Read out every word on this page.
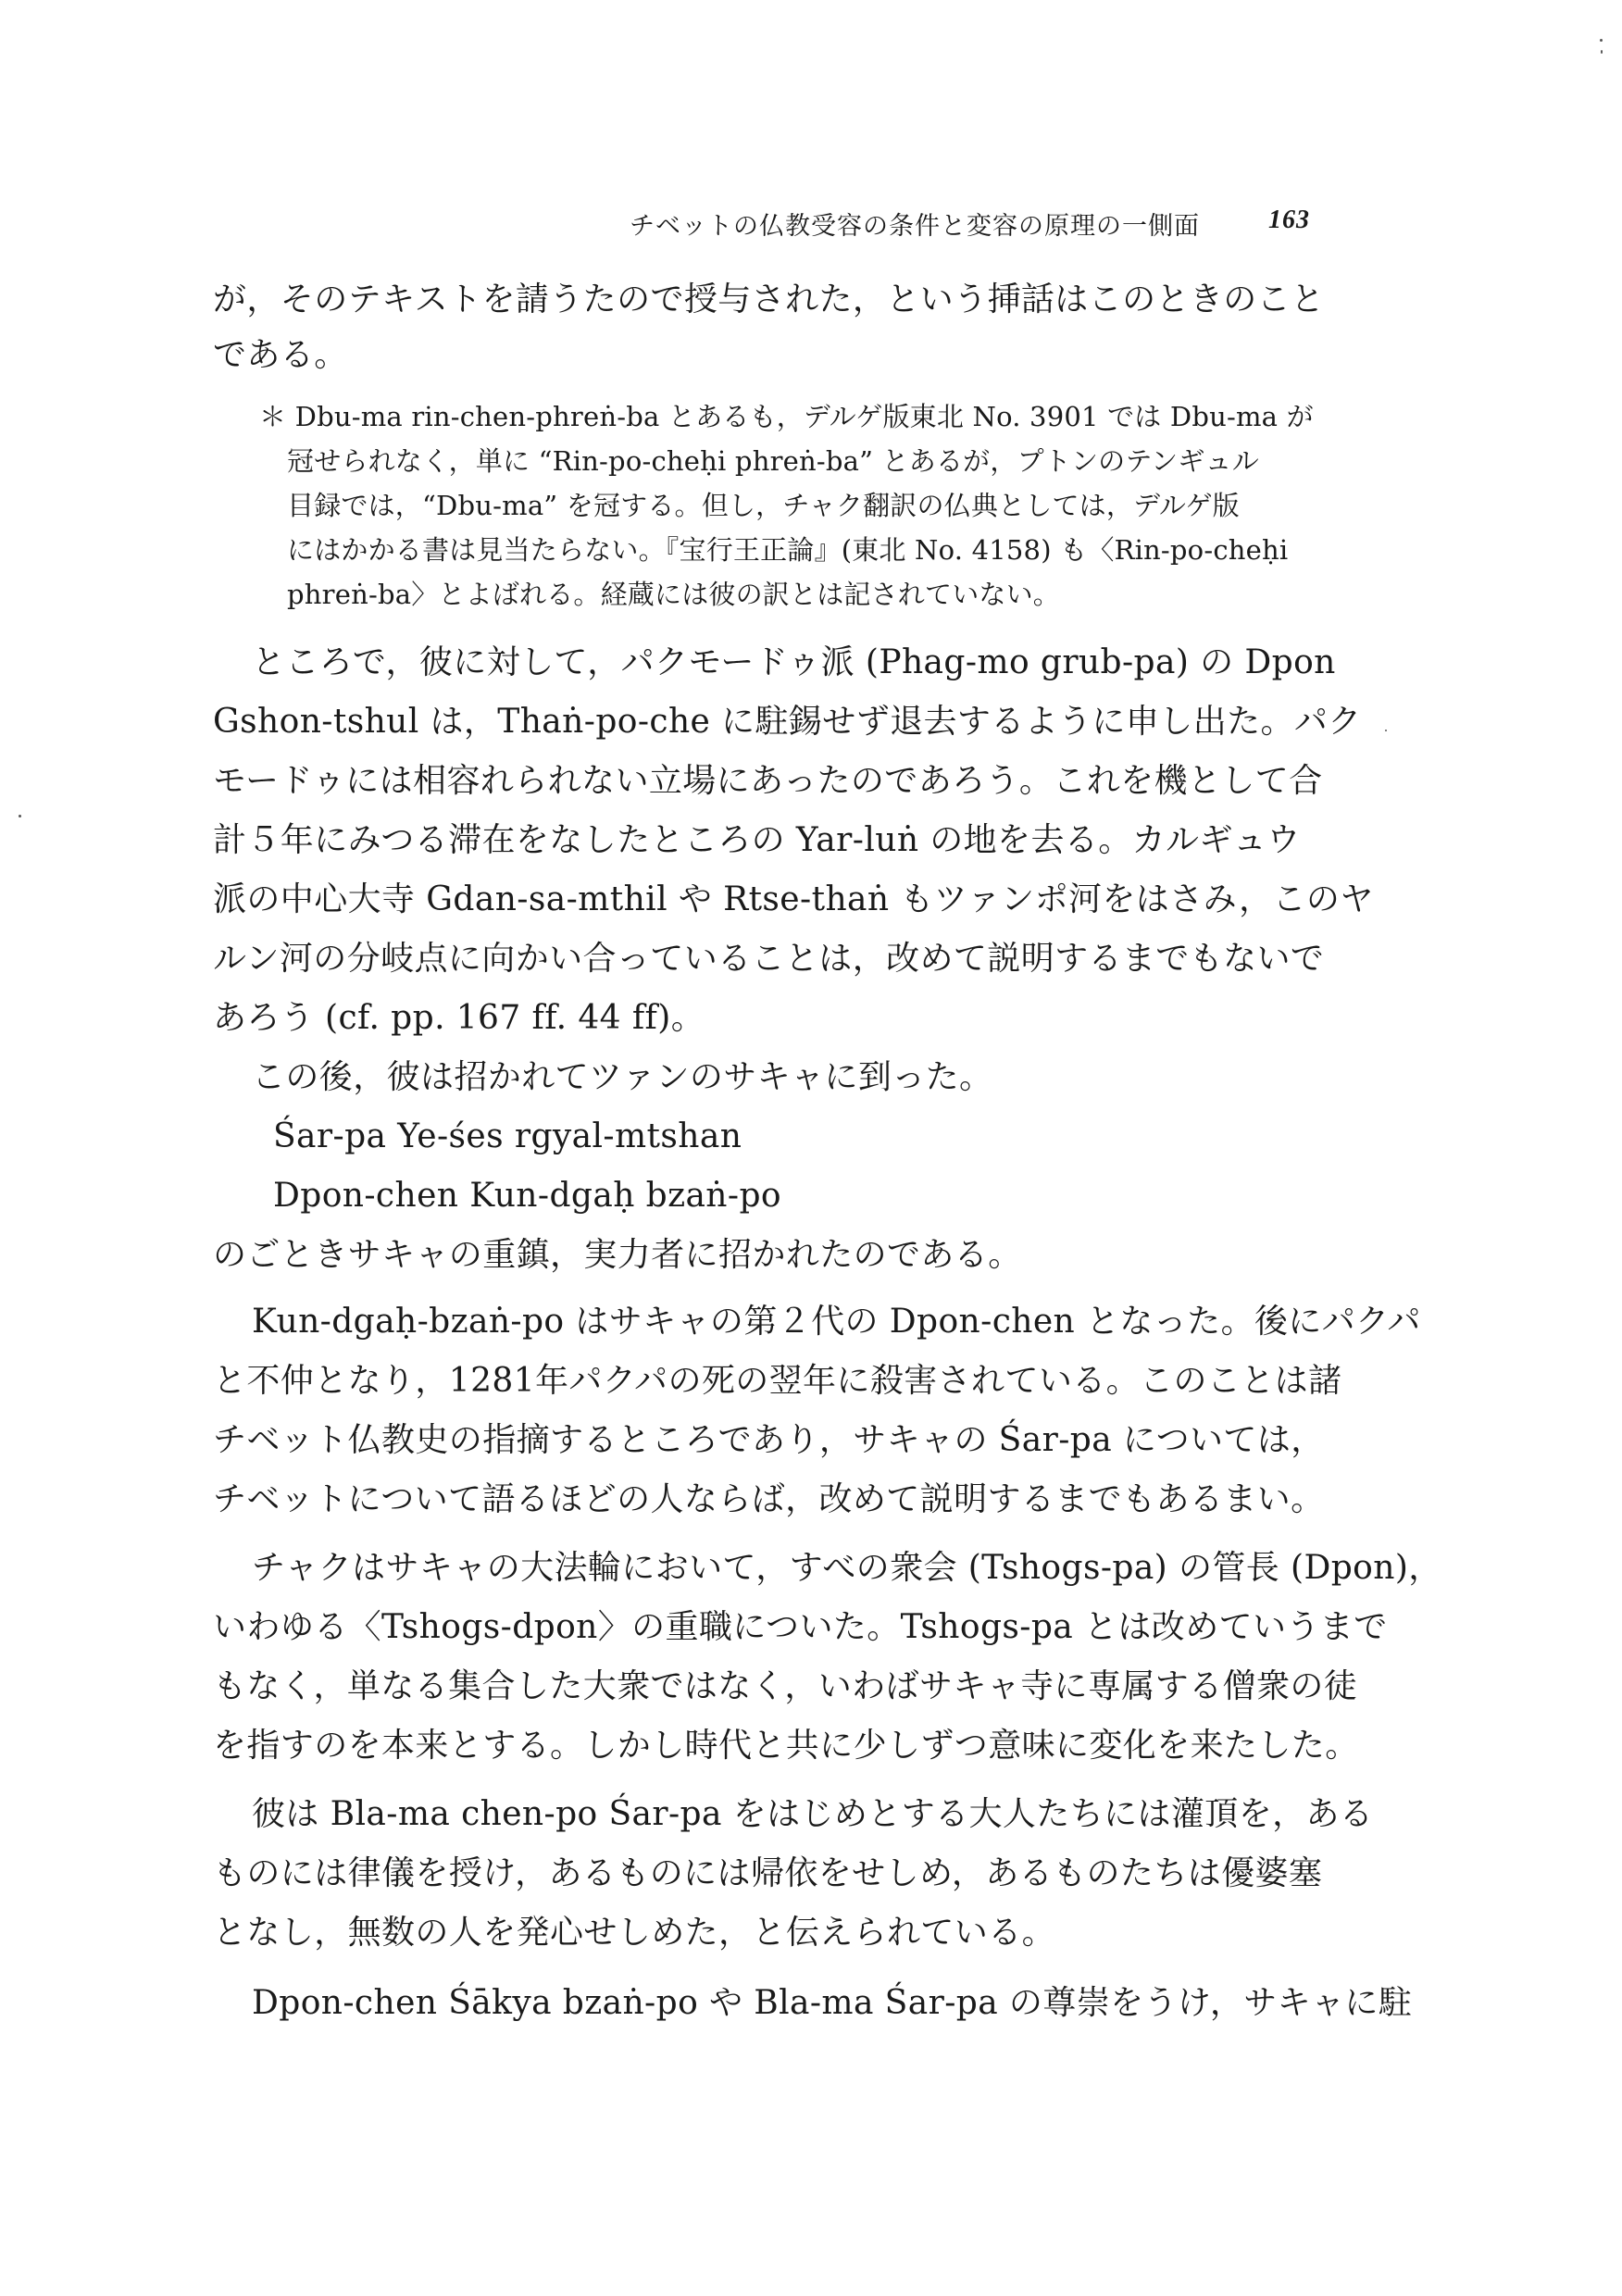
チベットの仏教受容の条件と変容の原理の一側面	163
が，そのテキストを請うたので授与された，という挿話はこのときのこと
である。
＊ Dbu-ma rin-chen-phreṅ-ba とあるも，デルゲ版東北 No. 3901 では Dbu-ma が
冠せられなく，単に “Rin-po-cheḥi phreṅ-ba” とあるが，プトンのテンギュル
目録では，“Dbu-ma” を冠する。但し，チャク翻訳の仏典としては，デルゲ版
にはかかる書は見当たらない。『宝行王正論』(東北 No. 4158) も〈Rin-po-cheḥi
phreṅ-ba〉とよばれる。経蔵には彼の訳とは記されていない。
ところで，彼に対して，パクモードゥ派 (Phag-mo grub-pa) の Dpon
Gshon-tshul は，Thaṅ-po-che に駐錫せず退去するように申し出た。パク
モードゥには相容れられない立場にあったのであろう。これを機として合
計５年にみつる滞在をなしたところの Yar-luṅ の地を去る。カルギュウ
派の中心大寺 Gdan-sa-mthil や Rtse-thaṅ もツァンポ河をはさみ，このヤ
ルン河の分岐点に向かい合っていることは，改めて説明するまでもないで
あろう (cf. pp. 167 ff. 44 ff)。
この後，彼は招かれてツァンのサキャに到った。
Śar-pa Ye-śes rgyal-mtshan
Dpon-chen Kun-dgaḥ bzaṅ-po
のごときサキャの重鎮，実力者に招かれたのである。
Kun-dgaḥ-bzaṅ-po はサキャの第２代の Dpon-chen となった。後にパクパ
と不仲となり，1281年パクパの死の翌年に殺害されている。このことは諸
チベット仏教史の指摘するところであり，サキャの Śar-pa については，
チベットについて語るほどの人ならば，改めて説明するまでもあるまい。
チャクはサキャの大法輪において，すべの衆会 (Tshogs-pa) の管長 (Dpon)，
いわゆる〈Tshogs-dpon〉の重職についた。Tshogs-pa とは改めていうまで
もなく，単なる集合した大衆ではなく，いわばサキャ寺に専属する僧衆の徒
を指すのを本来とする。しかし時代と共に少しずつ意味に変化を来たした。
彼は Bla-ma chen-po Śar-pa をはじめとする大人たちには灌頂を，ある
ものには律儀を授け，あるものには帰依をせしめ，あるものたちは優婆塞
となし，無数の人を発心せしめた，と伝えられている。
Dpon-chen Śākya bzaṅ-po や Bla-ma Śar-pa の尊崇をうけ，サキャに駐
